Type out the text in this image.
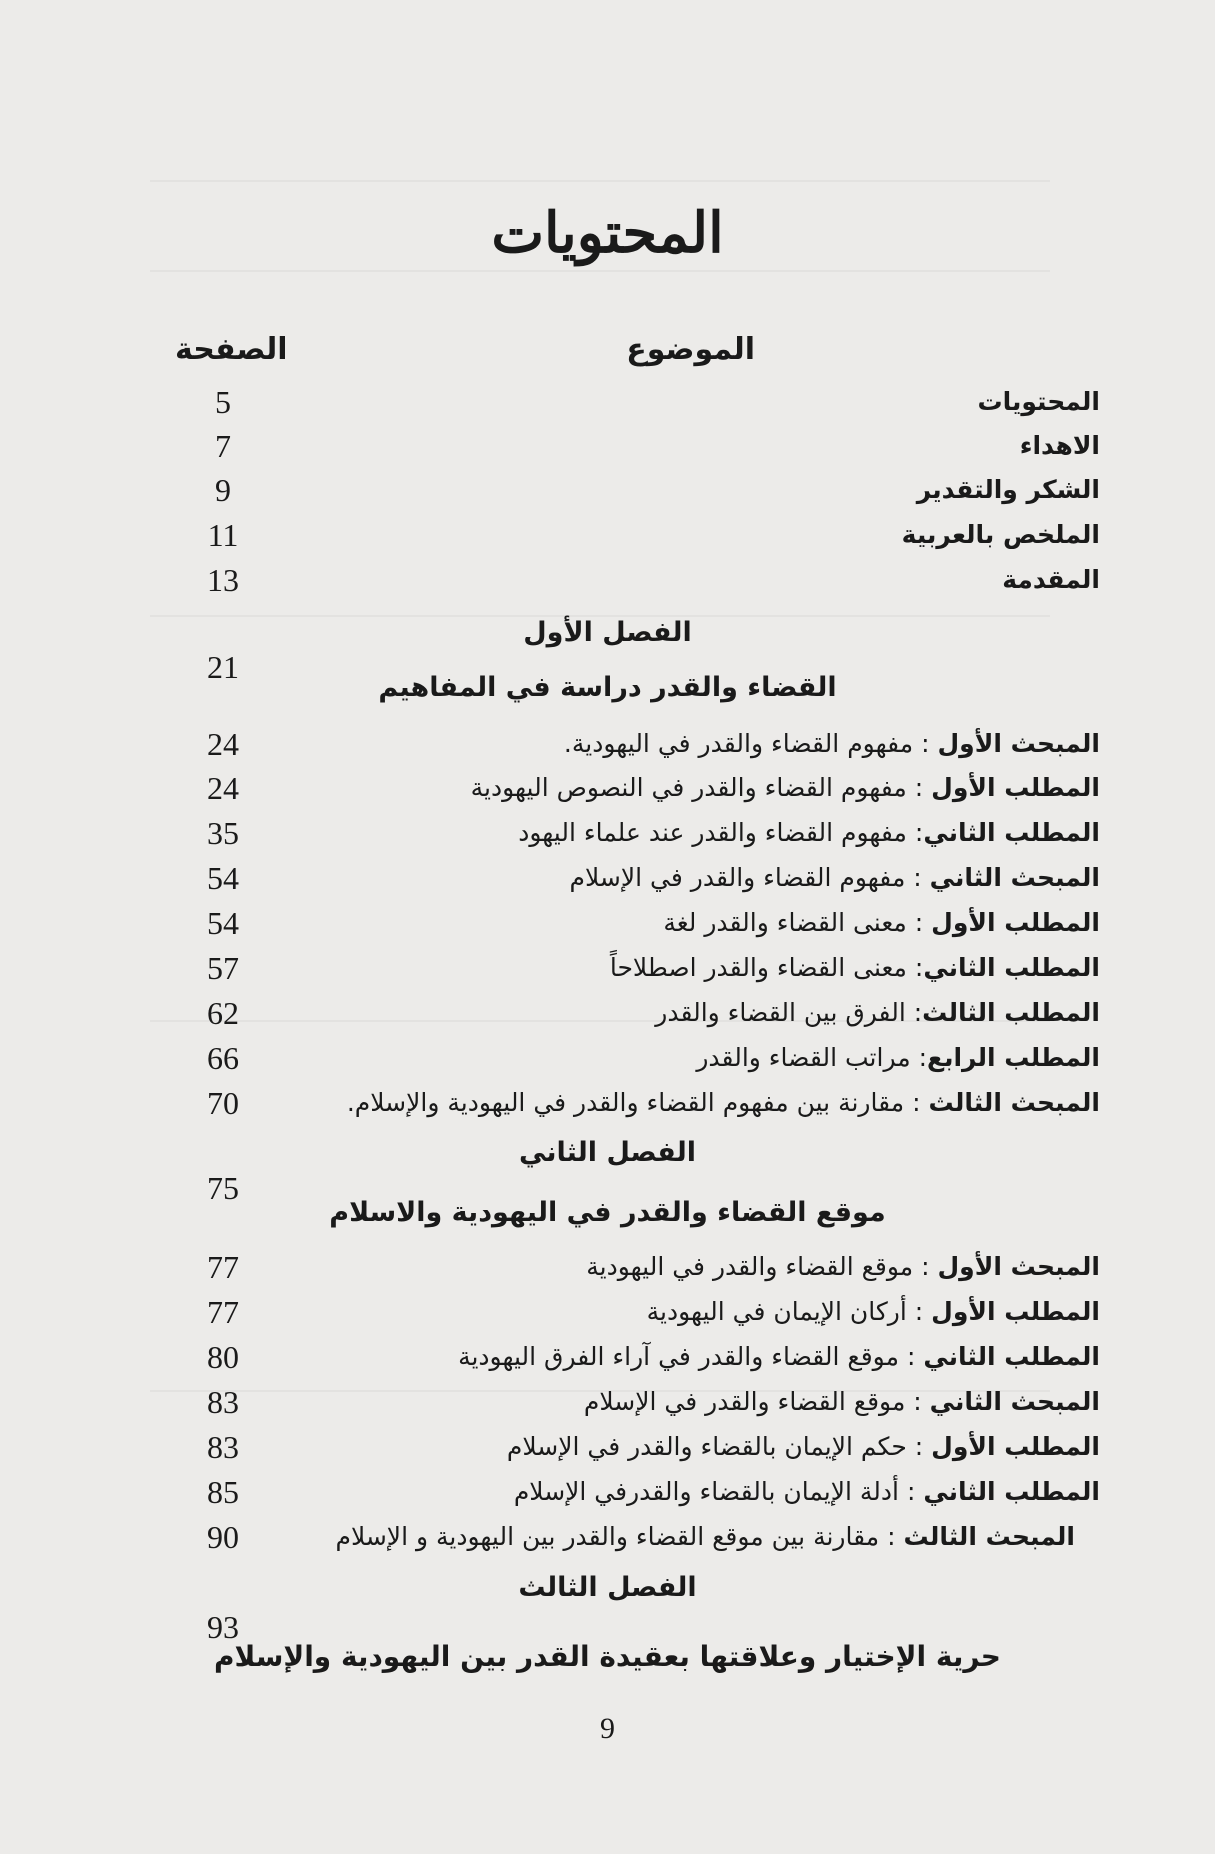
المحتويات
الموضوع
الصفحة
المحتويات
5
الاهداء
7
الشكر والتقدير
9
الملخص بالعربية
11
المقدمة
13
الفصل الأول
21
القضاء والقدر دراسة في المفاهيم
المبحث الأول : مفهوم القضاء والقدر في اليهودية.
24
المطلب الأول : مفهوم القضاء والقدر في النصوص اليهودية
24
المطلب الثاني: مفهوم القضاء والقدر عند علماء اليهود
35
المبحث الثاني : مفهوم القضاء والقدر في الإسلام
54
المطلب الأول : معنى القضاء والقدر لغة
54
المطلب الثاني: معنى القضاء والقدر اصطلاحاً
57
المطلب الثالث: الفرق بين القضاء والقدر
62
المطلب الرابع: مراتب القضاء والقدر
66
المبحث الثالث : مقارنة بين مفهوم القضاء والقدر في اليهودية والإسلام.
70
الفصل الثاني
75
موقع القضاء والقدر في اليهودية والاسلام
المبحث الأول : موقع القضاء والقدر في اليهودية
77
المطلب الأول : أركان الإيمان في اليهودية
77
المطلب الثاني : موقع القضاء والقدر في آراء الفرق اليهودية
80
المبحث الثاني : موقع القضاء والقدر في الإسلام
83
المطلب الأول : حكم الإيمان بالقضاء والقدر في الإسلام
83
المطلب الثاني : أدلة الإيمان بالقضاء والقدرفي الإسلام
85
المبحث الثالث : مقارنة بين موقع القضاء والقدر بين اليهودية و الإسلام
90
الفصل الثالث
93
حرية الإختيار وعلاقتها بعقيدة القدر بين اليهودية والإسلام
9
